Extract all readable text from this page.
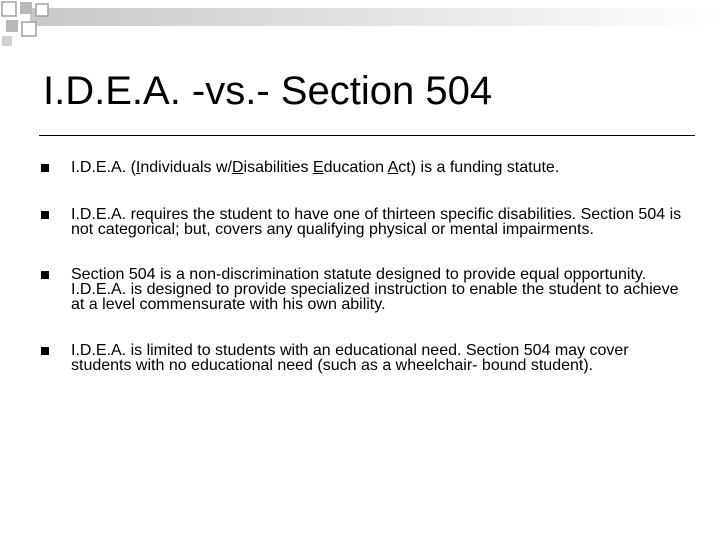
I.D.E.A. -vs.- Section 504
I.D.E.A. (Individuals w/Disabilities Education Act) is a funding statute.
I.D.E.A. requires the student to have one of thirteen specific disabilities. Section 504 is not categorical; but, covers any qualifying physical or mental impairments.
Section 504 is a non-discrimination statute designed to provide equal opportunity. I.D.E.A. is designed to provide specialized instruction to enable the student to achieve at a level commensurate with his own ability.
I.D.E.A. is limited to students with an educational need. Section 504 may cover students with no educational need (such as a wheelchair- bound student).
